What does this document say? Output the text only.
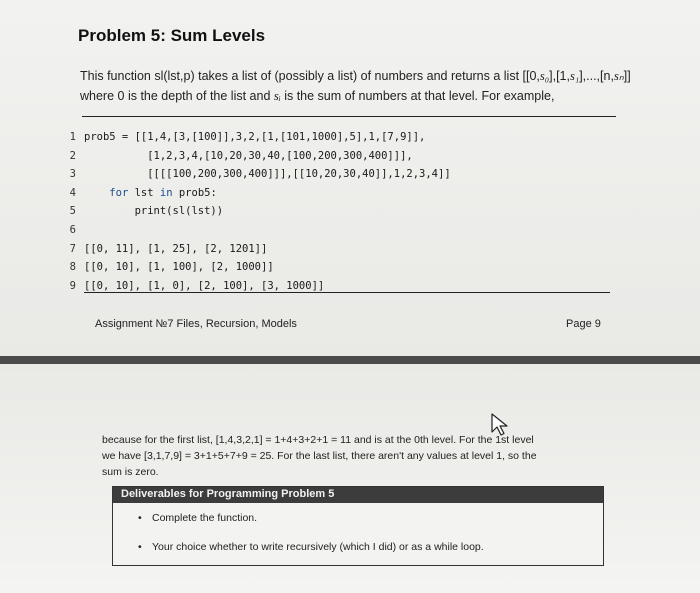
Problem 5: Sum Levels
This function sl(lst,p) takes a list of (possibly a list) of numbers and returns a list [[0,s₀],[1,s₁],...,[n,sₙ]]
where 0 is the depth of the list and sᵢ is the sum of numbers at that level. For example,
1 prob5 = [[1,4,[3,[100]],3,2,[1,[101,1000],5],1,[7,9]],
2          [1,2,3,4,[10,20,30,40,[100,200,300,400]]],
3          [[[[100,200,300,400]]],[[10,20,30,40]],1,2,3,4]]
4	for lst in prob5:
5        print(sl(lst))
6
7 [[0, 11], [1, 25], [2, 1201]]
8 [[0, 10], [1, 100], [2, 1000]]
9 [[0, 10], [1, 0], [2, 100], [3, 1000]]
Assignment №7 Files, Recursion, Models	Page 9
because for the first list, [1,4,3,2,1] = 1+4+3+2+1 = 11 and is at the 0th level. For the 1st level
we have [3,1,7,9] = 3+1+5+7+9 = 25. For the last list, there aren't any values at level 1, so the
sum is zero.
Deliverables for Programming Problem 5
• Complete the function.
• Your choice whether to write recursively (which I did) or as a while loop.
